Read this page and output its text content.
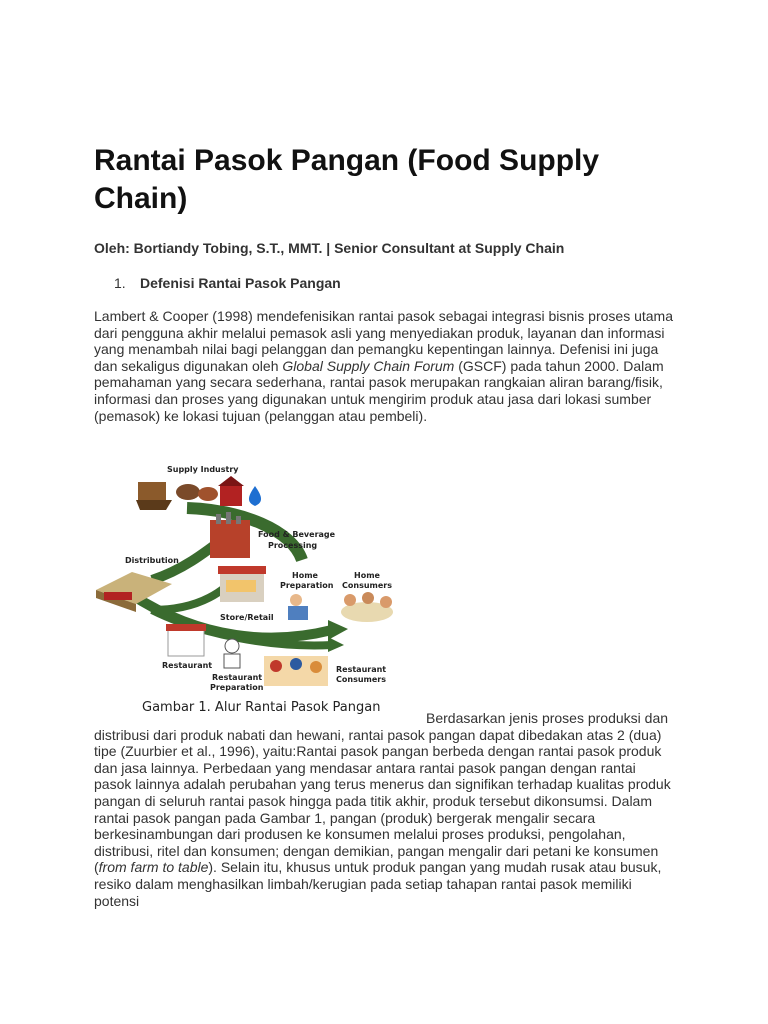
Rantai Pasok Pangan (Food Supply Chain)

Oleh: Bortiandy Tobing, S.T., MMT. | Senior Consultant at Supply Chain

1. Defenisi Rantai Pasok Pangan

Lambert & Cooper (1998) mendefenisikan rantai pasok sebagai integrasi bisnis proses utama dari pengguna akhir melalui pemasok asli yang menyediakan produk, layanan dan informasi yang menambah nilai bagi pelanggan dan pemangku kepentingan lainnya. Defenisi ini juga dan sekaligus digunakan oleh Global Supply Chain Forum (GSCF) pada tahun 2000. Dalam pemahaman yang secara sederhana, rantai pasok merupakan rangkaian aliran barang/fisik, informasi dan proses yang digunakan untuk mengirim produk atau jasa dari lokasi sumber (pemasok) ke lokasi tujuan (pelanggan atau pembeli).

Berdasarkan jenis proses produksi dan distribusi dari produk nabati dan hewani, rantai pasok pangan dapat dibedakan atas 2 (dua) tipe (Zuurbier et al., 1996), yaitu:Rantai pasok pangan berbeda dengan rantai pasok produk dan jasa lainnya. Perbedaan yang mendasar antara rantai pasok pangan dengan rantai pasok lainnya adalah perubahan yang terus menerus dan signifikan terhadap kualitas produk pangan di seluruh rantai pasok hingga pada titik akhir, produk tersebut dikonsumsi. Dalam rantai pasok pangan pada Gambar 1, pangan (produk) bergerak mengalir secara berkesinambungan dari produsen ke konsumen melalui proses produksi, pengolahan, distribusi, ritel dan konsumen; dengan demikian, pangan mengalir dari petani ke konsumen (from farm to table). Selain itu, khusus untuk produk pangan yang mudah rusak atau busuk, resiko dalam menghasilkan limbah/kerugian pada setiap tahapan rantai pasok memiliki potensi

Supply Industry
Food & Beverage
Processing
Distribution
Store/Retail
Home
Preparation
Home
Consumers
Restaurant
Restaurant
Preparation
Restaurant
Consumers
Gambar 1. Alur Rantai Pasok Pangan
